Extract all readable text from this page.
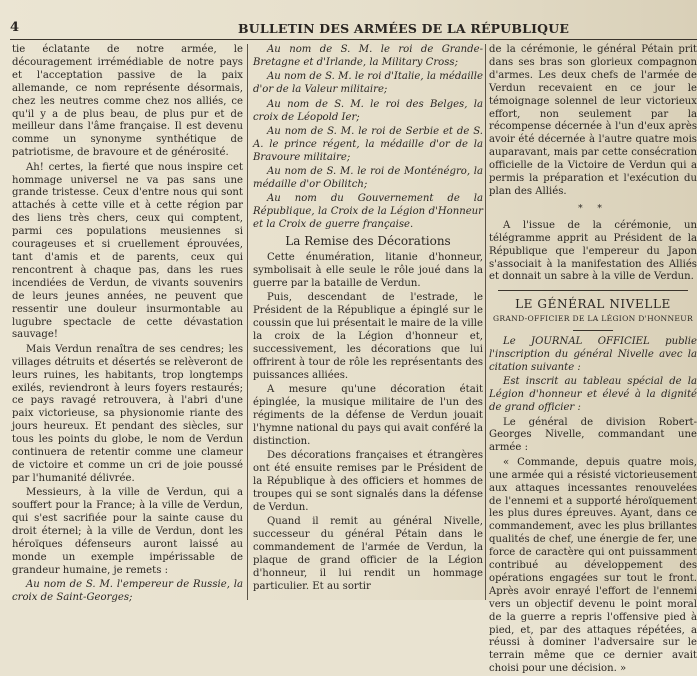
4	BULLETIN DES ARMÉES DE LA RÉPUBLIQUE

tie éclatante de notre armée, le découragement irrémédiable de notre pays et l'acceptation passive de la paix allemande, ce nom représente désormais, chez les neutres comme chez nos alliés, ce qu'il y a de plus beau, de plus pur et de meilleur dans l'âme française. Il est devenu comme un synonyme synthétique de patriotisme, de bravoure et de générosité.

Ah! certes, la fierté que nous inspire cet hommage universel ne va pas sans une grande tristesse. Ceux d'entre nous qui sont attachés à cette ville et à cette région par des liens très chers, ceux qui comptent, parmi ces populations meusiennes si courageuses et si cruellement éprouvées, tant d'amis et de parents, ceux qui rencontrent à chaque pas, dans les rues incendiées de Verdun, de vivants souvenirs de leurs jeunes années, ne peuvent que ressentir une douleur insurmontable au lugubre spectacle de cette dévastation sauvage!

Mais Verdun renaîtra de ses cendres; les villages détruits et désertés se relèveront de leurs ruines, les habitants, trop longtemps exilés, reviendront à leurs foyers restaurés; ce pays ravagé retrouvera, à l'abri d'une paix victorieuse, sa physionomie riante des jours heureux. Et pendant des siècles, sur tous les points du globe, le nom de Verdun continuera de retentir comme une clameur de victoire et comme un cri de joie poussé par l'humanité délivrée.

Messieurs, à la ville de Verdun, qui a souffert pour la France; à la ville de Verdun, qui s'est sacrifiée pour la sainte cause du droit éternel; à la ville de Verdun, dont les héroïques défenseurs auront laissé au monde un exemple impérissable de grandeur humaine, je remets :

Au nom de S. M. l'empereur de Russie, la croix de Saint-Georges;

Au nom de S. M. le roi de Grande-Bretagne et d'Irlande, la Military Cross;

Au nom de S. M. le roi d'Italie, la médaille d'or de la Valeur militaire;

Au nom de S. M. le roi des Belges, la croix de Léopold Ier;

Au nom de S. M. le roi de Serbie et de S. A. le prince régent, la médaille d'or de la Bravoure militaire;

Au nom de S. M. le roi de Monténégro, la médaille d'or Obilitch;

Au nom du Gouvernement de la République, la Croix de la Légion d'Honneur et la Croix de guerre française.

La Remise des Décorations

Cette énumération, litanie d'honneur, symbolisait à elle seule le rôle joué dans la guerre par la bataille de Verdun.

Puis, descendant de l'estrade, le Président de la République a épinglé sur le coussin que lui présentait le maire de la ville la croix de la Légion d'honneur et, successivement, les décorations que lui offrirent à tour de rôle les représentants des puissances alliées.

A mesure qu'une décoration était épinglée, la musique militaire de l'un des régiments de la défense de Verdun jouait l'hymne national du pays qui avait conféré la distinction.

Des décorations françaises et étrangères ont été ensuite remises par le Président de la République à des officiers et hommes de troupes qui se sont signalés dans la défense de Verdun.

Quand il remit au général Nivelle, successeur du général Pétain dans le commandement de l'armée de Verdun, la plaque de grand officier de la Légion d'honneur, il lui rendit un hommage particulier. Et au sortir

de la cérémonie, le général Pétain prit dans ses bras son glorieux compagnon d'armes. Les deux chefs de l'armée de Verdun recevaient en ce jour le témoignage solennel de leur victorieux effort, non seulement par la récompense décernée à l'un d'eux après avoir été décernée à l'autre quatre mois auparavant, mais par cette consécration officielle de la Victoire de Verdun qui a permis la préparation et l'exécution du plan des Alliés.

* *

A l'issue de la cérémonie, un télégramme apprit au Président de la République que l'empereur du Japon s'associait à la manifestation des Alliés et donnait un sabre à la ville de Verdun.

LE GÉNÉRAL NIVELLE
GRAND-OFFICIER DE LA LÉGION D'HONNEUR

Le JOURNAL OFFICIEL publie l'inscription du général Nivelle avec la citation suivante :

Est inscrit au tableau spécial de la Légion d'honneur et élevé à la dignité de grand officier :

Le général de division Robert-Georges Nivelle, commandant une armée :

« Commande, depuis quatre mois, une armée qui a résisté victorieusement aux attaques incessantes renouvelées de l'ennemi et a supporté héroïquement les plus dures épreuves. Ayant, dans ce commandement, avec les plus brillantes qualités de chef, une énergie de fer, une force de caractère qui ont puissamment contribué au développement des opérations engagées sur tout le front. Après avoir enrayé l'effort de l'ennemi vers un objectif devenu le point moral de la guerre a repris l'offensive pied à pied, et, par des attaques répétées, a réussi à dominer l'adversaire sur le terrain même que ce dernier avait choisi pour une décision. »
